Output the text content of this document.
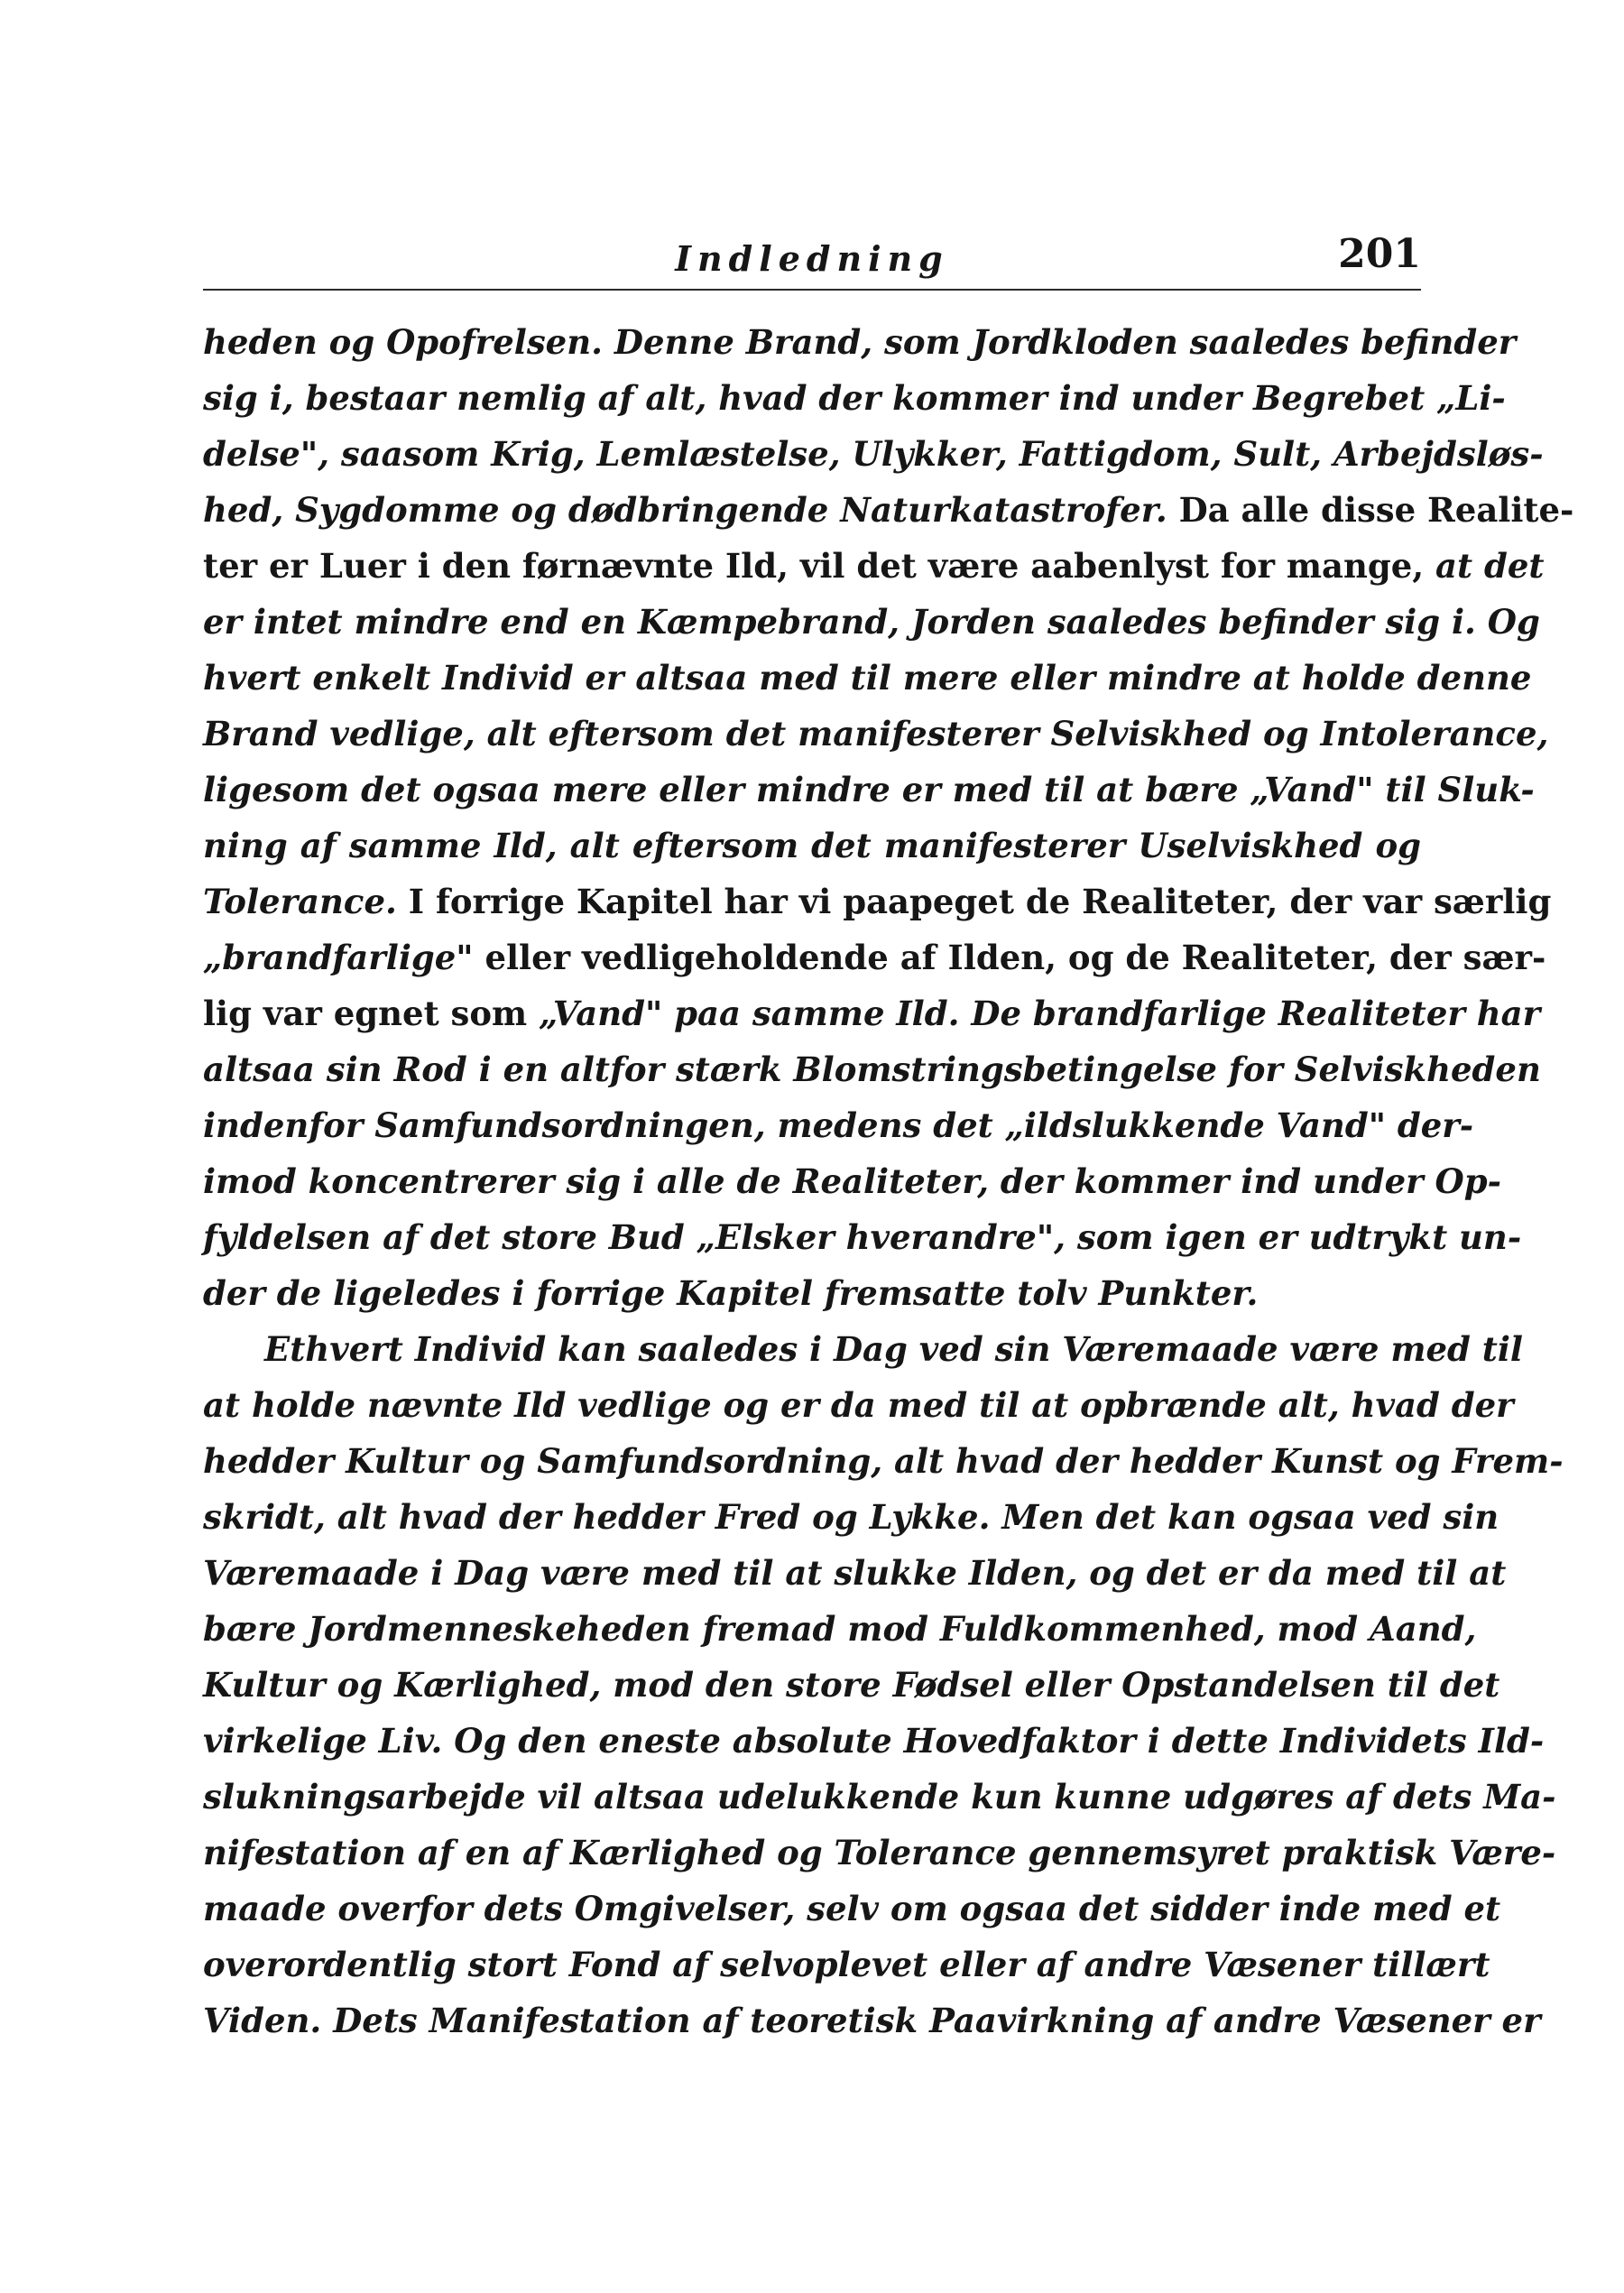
Indledning	201
heden og Opofrelsen. Denne Brand, som Jordkloden saaledes befinder
sig i, bestaar nemlig af alt, hvad der kommer ind under Begrebet „Li-
delse", saasom Krig, Lemlæstelse, Ulykker, Fattigdom, Sult, Arbejdsløs-
hed, Sygdomme og dødbringende Naturkatastrofer. Da alle disse Realite-
ter er Luer i den førnævnte Ild, vil det være aabenlyst for mange, at det
er intet mindre end en Kæmpebrand, Jorden saaledes befinder sig i. Og
hvert enkelt Individ er altsaa med til mere eller mindre at holde denne
Brand vedlige, alt eftersom det manifesterer Selviskhed og Intolerance,
ligesom det ogsaa mere eller mindre er med til at bære „Vand" til Sluk-
ning af samme Ild, alt eftersom det manifesterer Uselviskhed og
Tolerance. I forrige Kapitel har vi paapeget de Realiteter, der var særlig
„brandfarlige" eller vedligeholdende af Ilden, og de Realiteter, der sær-
lig var egnet som „Vand" paa samme Ild. De brandfarlige Realiteter har
altsaa sin Rod i en altfor stærk Blomstringsbetingelse for Selviskheden
indenfor Samfundsordningen, medens det „ildslukkende Vand" der-
imod koncentrerer sig i alle de Realiteter, der kommer ind under Op-
fyldelsen af det store Bud „Elsker hverandre", som igen er udtrykt un-
der de ligeledes i forrige Kapitel fremsatte tolv Punkter.
Ethvert Individ kan saaledes i Dag ved sin Væremaade være med til
at holde nævnte Ild vedlige og er da med til at opbrænde alt, hvad der
hedder Kultur og Samfundsordning, alt hvad der hedder Kunst og Frem-
skridt, alt hvad der hedder Fred og Lykke. Men det kan ogsaa ved sin
Væremaade i Dag være med til at slukke Ilden, og det er da med til at
bære Jordmenneskeheden fremad mod Fuldkommenhed, mod Aand,
Kultur og Kærlighed, mod den store Fødsel eller Opstandelsen til det
virkelige Liv. Og den eneste absolute Hovedfaktor i dette Individets Ild-
slukningsarbejde vil altsaa udelukkende kun kunne udgøres af dets Ma-
nifestation af en af Kærlighed og Tolerance gennemsyret praktisk Være-
maade overfor dets Omgivelser, selv om ogsaa det sidder inde med et
overordentlig stort Fond af selvoplevet eller af andre Væsener tillært
Viden. Dets Manifestation af teoretisk Paavirkning af andre Væsener er
